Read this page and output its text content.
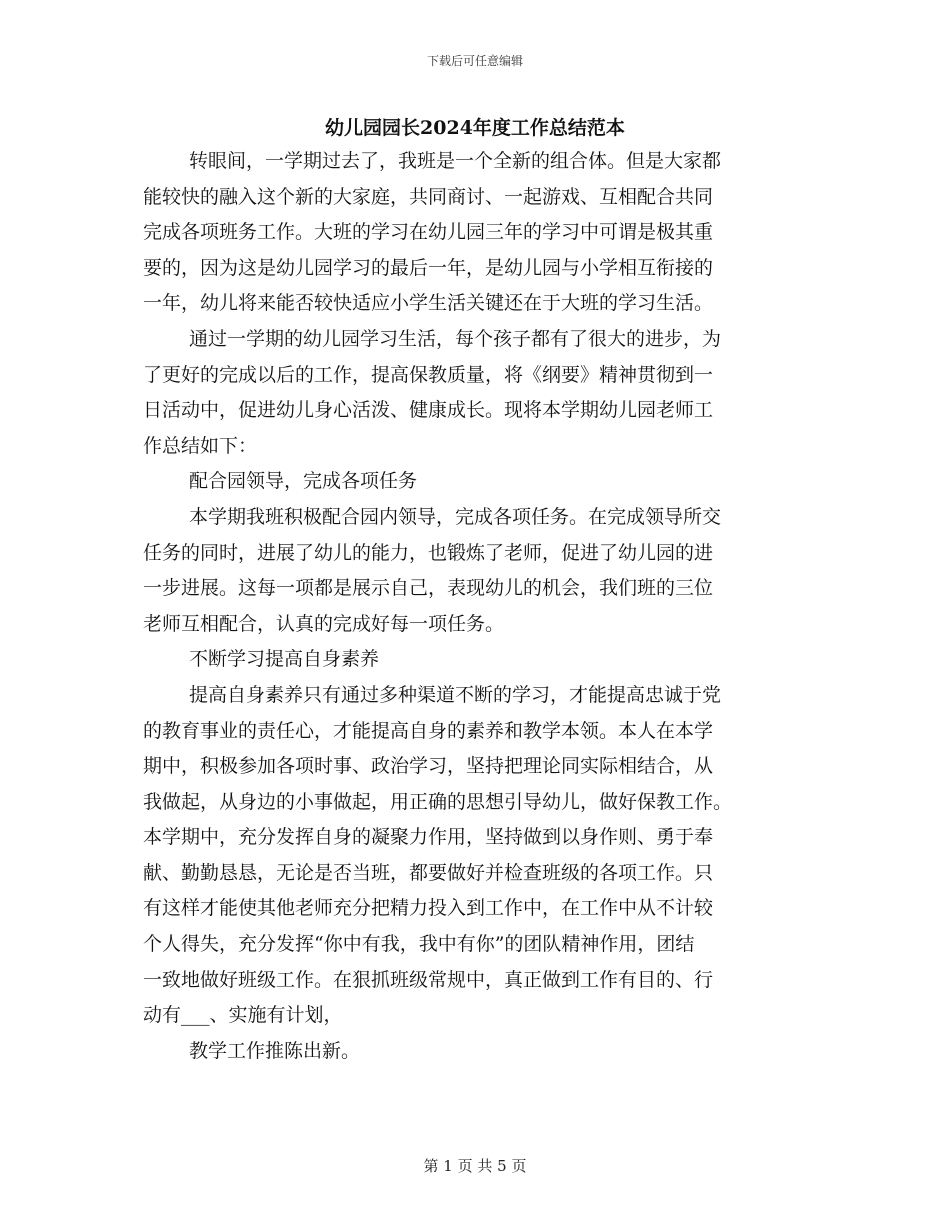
下载后可任意编辑
幼儿园园长2024年度工作总结范本
转眼间，一学期过去了，我班是一个全新的组合体。但是大家都
能较快的融入这个新的大家庭，共同商讨、一起游戏、互相配合共同
完成各项班务工作。大班的学习在幼儿园三年的学习中可谓是极其重
要的，因为这是幼儿园学习的最后一年，是幼儿园与小学相互衔接的
一年，幼儿将来能否较快适应小学生活关键还在于大班的学习生活。
通过一学期的幼儿园学习生活，每个孩子都有了很大的进步，为
了更好的完成以后的工作，提高保教质量，将《纲要》精神贯彻到一
日活动中，促进幼儿身心活泼、健康成长。现将本学期幼儿园老师工
作总结如下：
配合园领导，完成各项任务
本学期我班积极配合园内领导，完成各项任务。在完成领导所交
任务的同时，进展了幼儿的能力，也锻炼了老师，促进了幼儿园的进
一步进展。这每一项都是展示自己，表现幼儿的机会，我们班的三位
老师互相配合，认真的完成好每一项任务。
不断学习提高自身素养
提高自身素养只有通过多种渠道不断的学习，才能提高忠诚于党
的教育事业的责任心，才能提高自身的素养和教学本领。本人在本学
期中，积极参加各项时事、政治学习，坚持把理论同实际相结合，从
我做起，从身边的小事做起，用正确的思想引导幼儿，做好保教工作。
本学期中，充分发挥自身的凝聚力作用，坚持做到以身作则、勇于奉
献、勤勤恳恳，无论是否当班，都要做好并检查班级的各项工作。只
有这样才能使其他老师充分把精力投入到工作中，在工作中从不计较
个人得失，充分发挥“你中有我，我中有你”的团队精神作用，团结
一致地做好班级工作。在狠抓班级常规中，真正做到工作有目的、行
动有___、实施有计划，
教学工作推陈出新。
第 1 页 共 5 页
